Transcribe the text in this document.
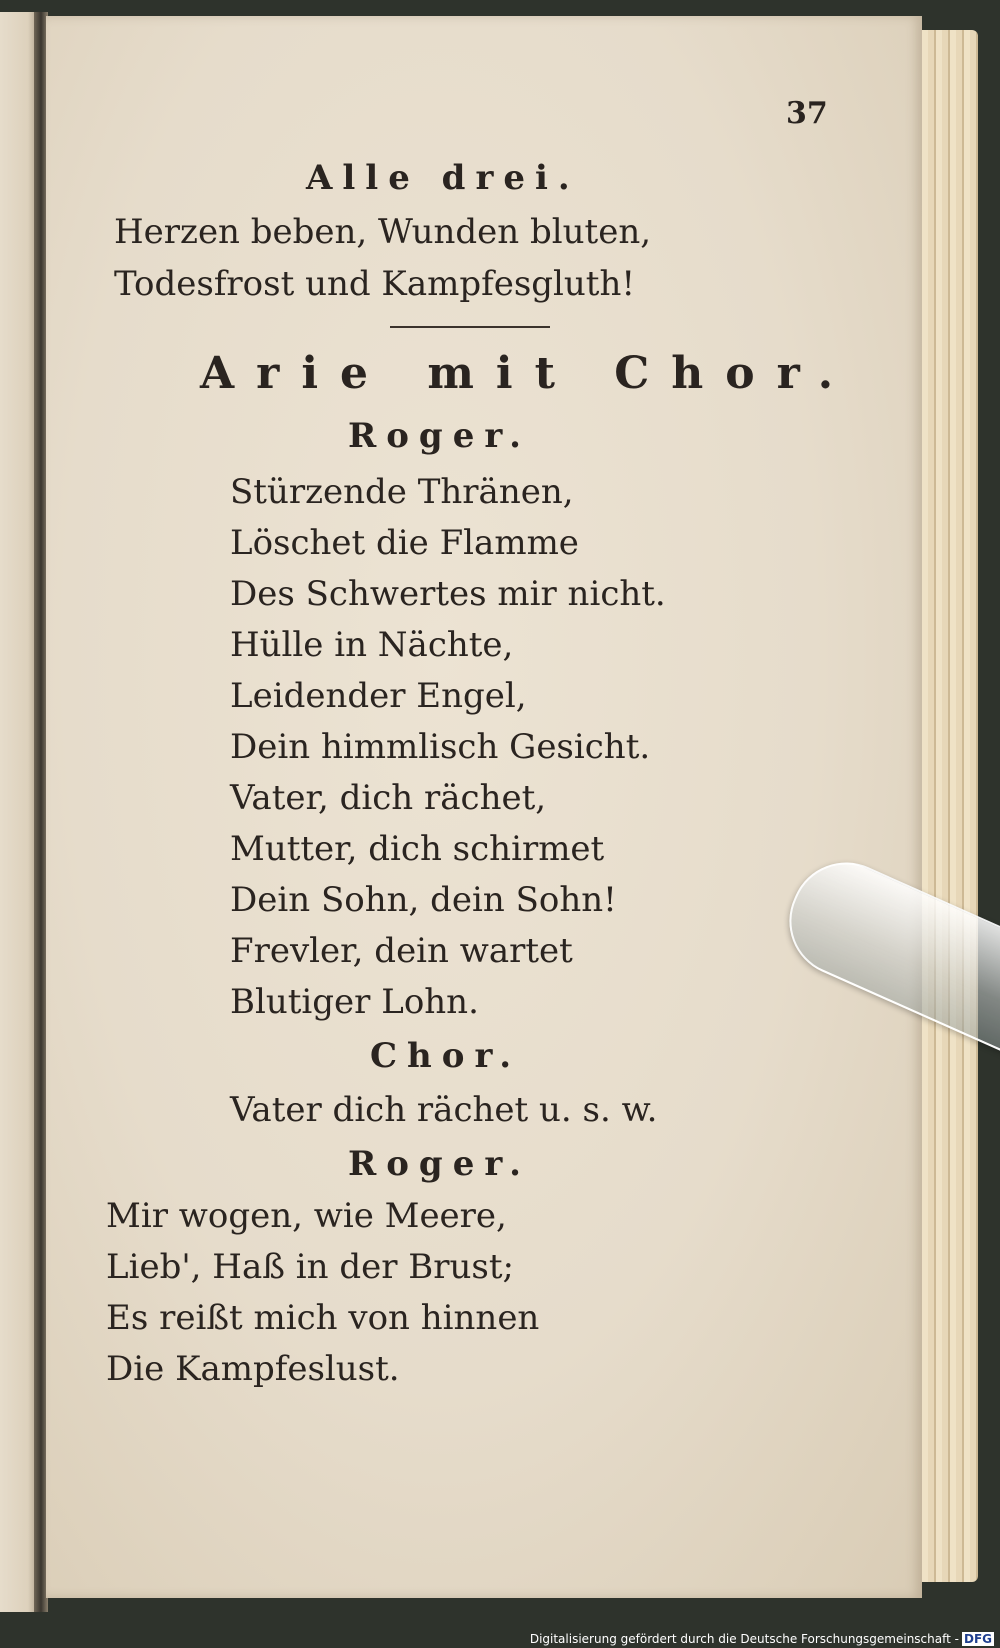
37
Alle drei.
Herzen beben, Wunden bluten,
Todesfrost und Kampfesgluth!
Arie mit Chor.
Roger.
Stürzende Thränen,
Löschet die Flamme
Des Schwertes mir nicht.
Hülle in Nächte,
Leidender Engel,
Dein himmlisch Gesicht.
Vater, dich rächet,
Mutter, dich schirmet
Dein Sohn, dein Sohn!
Frevler, dein wartet
Blutiger Lohn.
Chor.
Vater dich rächet u. s. w.
Roger.
Mir wogen, wie Meere,
Lieb', Haß in der Brust;
Es reißt mich von hinnen
Die Kampfeslust.
Digitalisierung gefördert durch die Deutsche Forschungsgemeinschaft - DFG
